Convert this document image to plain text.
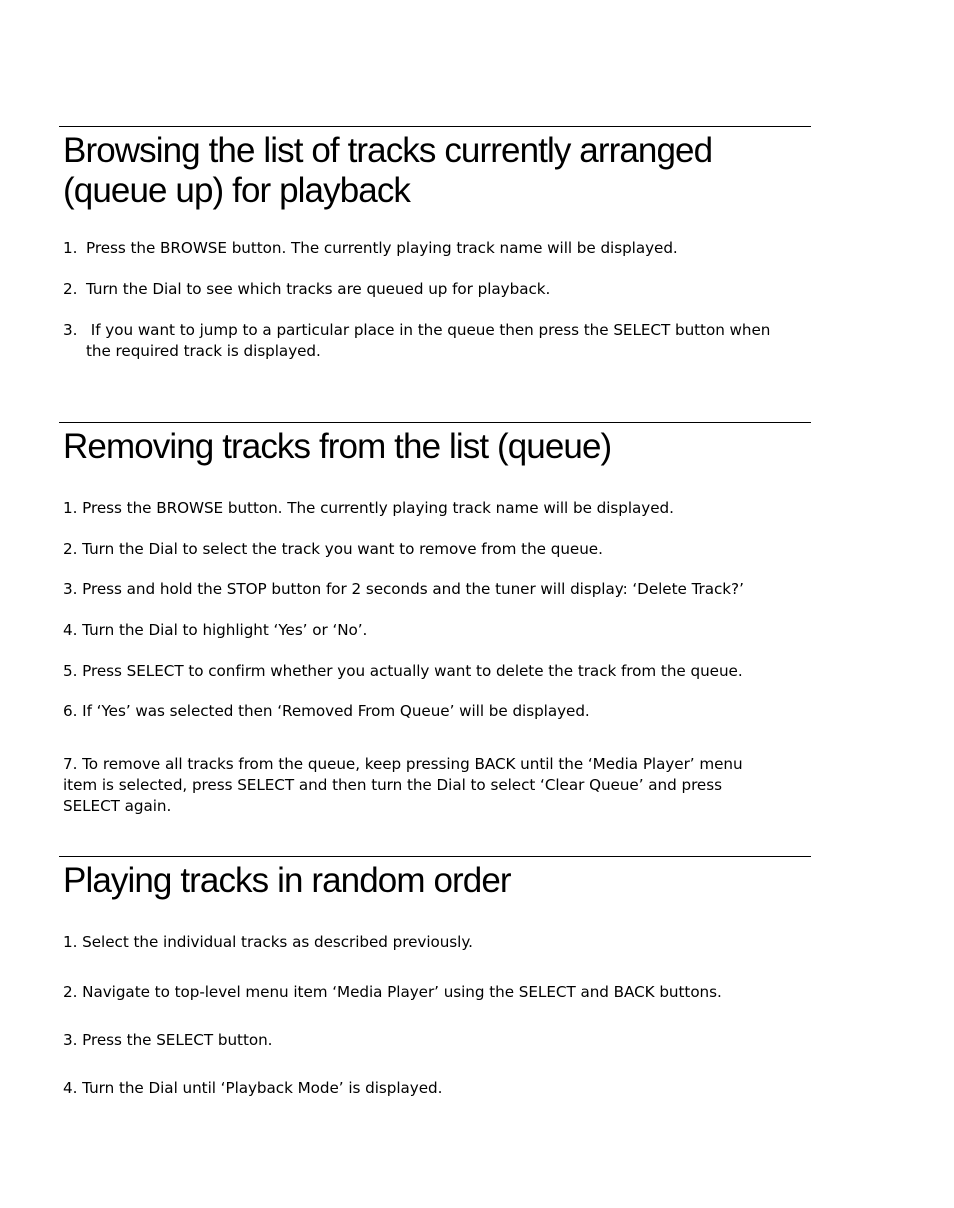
Browsing the list of tracks currently arranged
(queue up) for playback
1. Press the BROWSE button. The currently playing track name will be displayed.
2. Turn the Dial to see which tracks are queued up for playback.
3. If you want to jump to a particular place in the queue then press the SELECT button when
the required track is displayed.
Removing tracks from the list (queue)
1. Press the BROWSE button. The currently playing track name will be displayed.
2. Turn the Dial to select the track you want to remove from the queue.
3. Press and hold the STOP button for 2 seconds and the tuner will display: ‘Delete Track?’
4. Turn the Dial to highlight ‘Yes’ or ‘No’.
5. Press SELECT to confirm whether you actually want to delete the track from the queue.
6. If ‘Yes’ was selected then ‘Removed From Queue’ will be displayed.
7. To remove all tracks from the queue, keep pressing BACK until the ‘Media Player’ menu
item is selected, press SELECT and then turn the Dial to select ‘Clear Queue’ and press
SELECT again.
Playing tracks in random order
1. Select the individual tracks as described previously.
2. Navigate to top-level menu item ‘Media Player’ using the SELECT and BACK buttons.
3. Press the SELECT button.
4. Turn the Dial until ‘Playback Mode’ is displayed.
